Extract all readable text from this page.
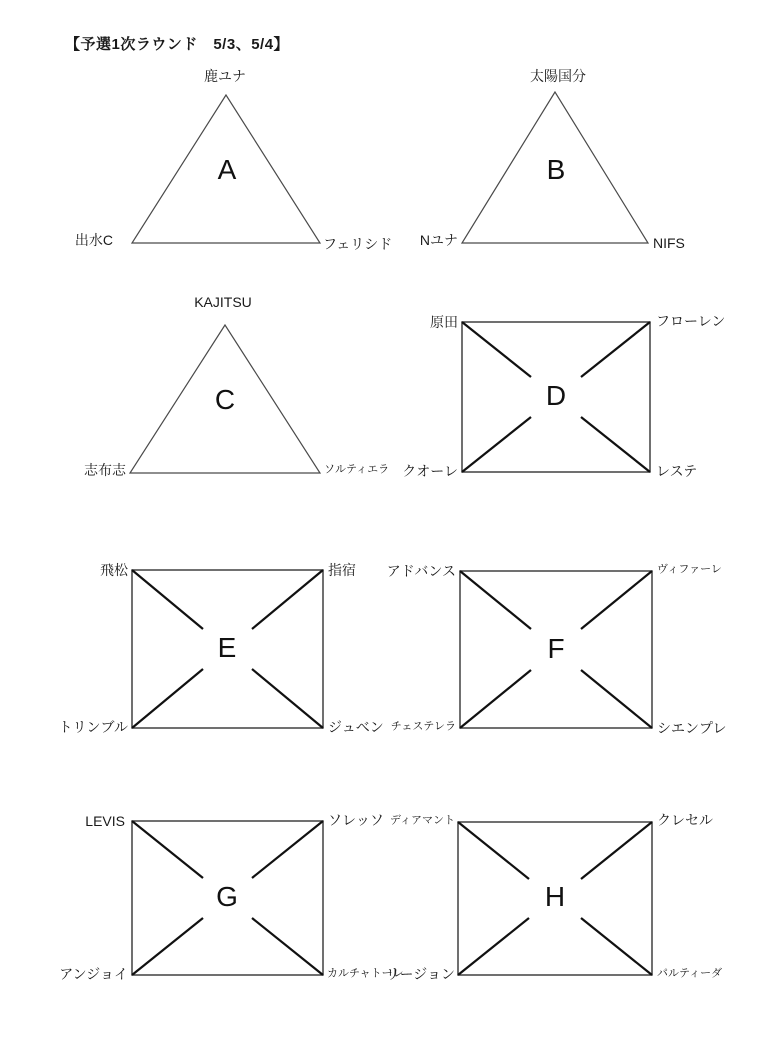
【予選1次ラウンド　5/3、5/4】
A	B
C	D
E	F
G	H
鹿ユナ
出水C	フェリシド
太陽国分
Nユナ	NIFS
KAJITSU
志布志	ソルティエラ
原田	フローレン
クオーレ	レステ
飛松	指宿
トリンブル	ジュベン
アドバンス	ヴィファーレ
チェステレラ	シエンプレ
LEVIS	ソレッソ
アンジョイ	カルチャトーレ
ディアマント	クレセル
リージョン	パルティーダ
